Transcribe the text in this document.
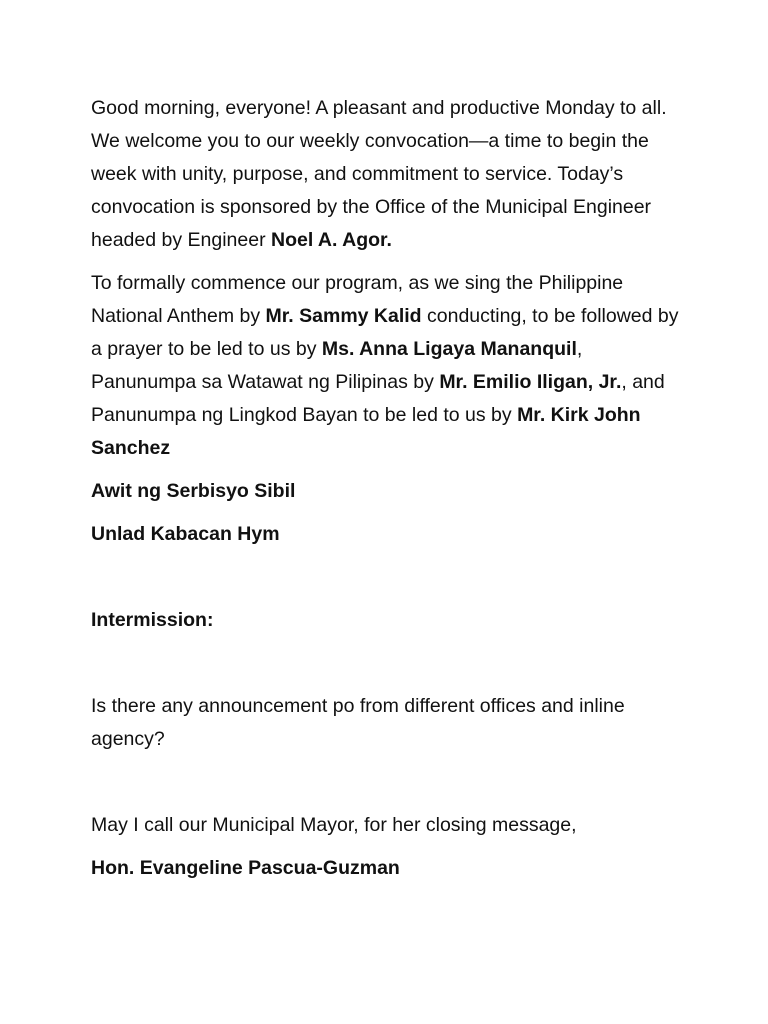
Good morning, everyone! A pleasant and productive Monday to all. We welcome you to our weekly convocation—a time to begin the week with unity, purpose, and commitment to service. Today’s convocation is sponsored by the Office of the Municipal Engineer headed by Engineer Noel A. Agor.

To formally commence our program, as we sing the Philippine National Anthem by Mr. Sammy Kalid conducting, to be followed by a prayer to be led to us by Ms. Anna Ligaya Mananquil, Panunumpa sa Watawat ng Pilipinas by Mr. Emilio Iligan, Jr., and Panunumpa ng Lingkod Bayan to be led to us by Mr. Kirk John Sanchez

Awit ng Serbisyo Sibil

Unlad Kabacan Hym

Intermission:

Is there any announcement po from different offices and inline agency?

May I call our Municipal Mayor, for her closing message,

Hon. Evangeline Pascua-Guzman
